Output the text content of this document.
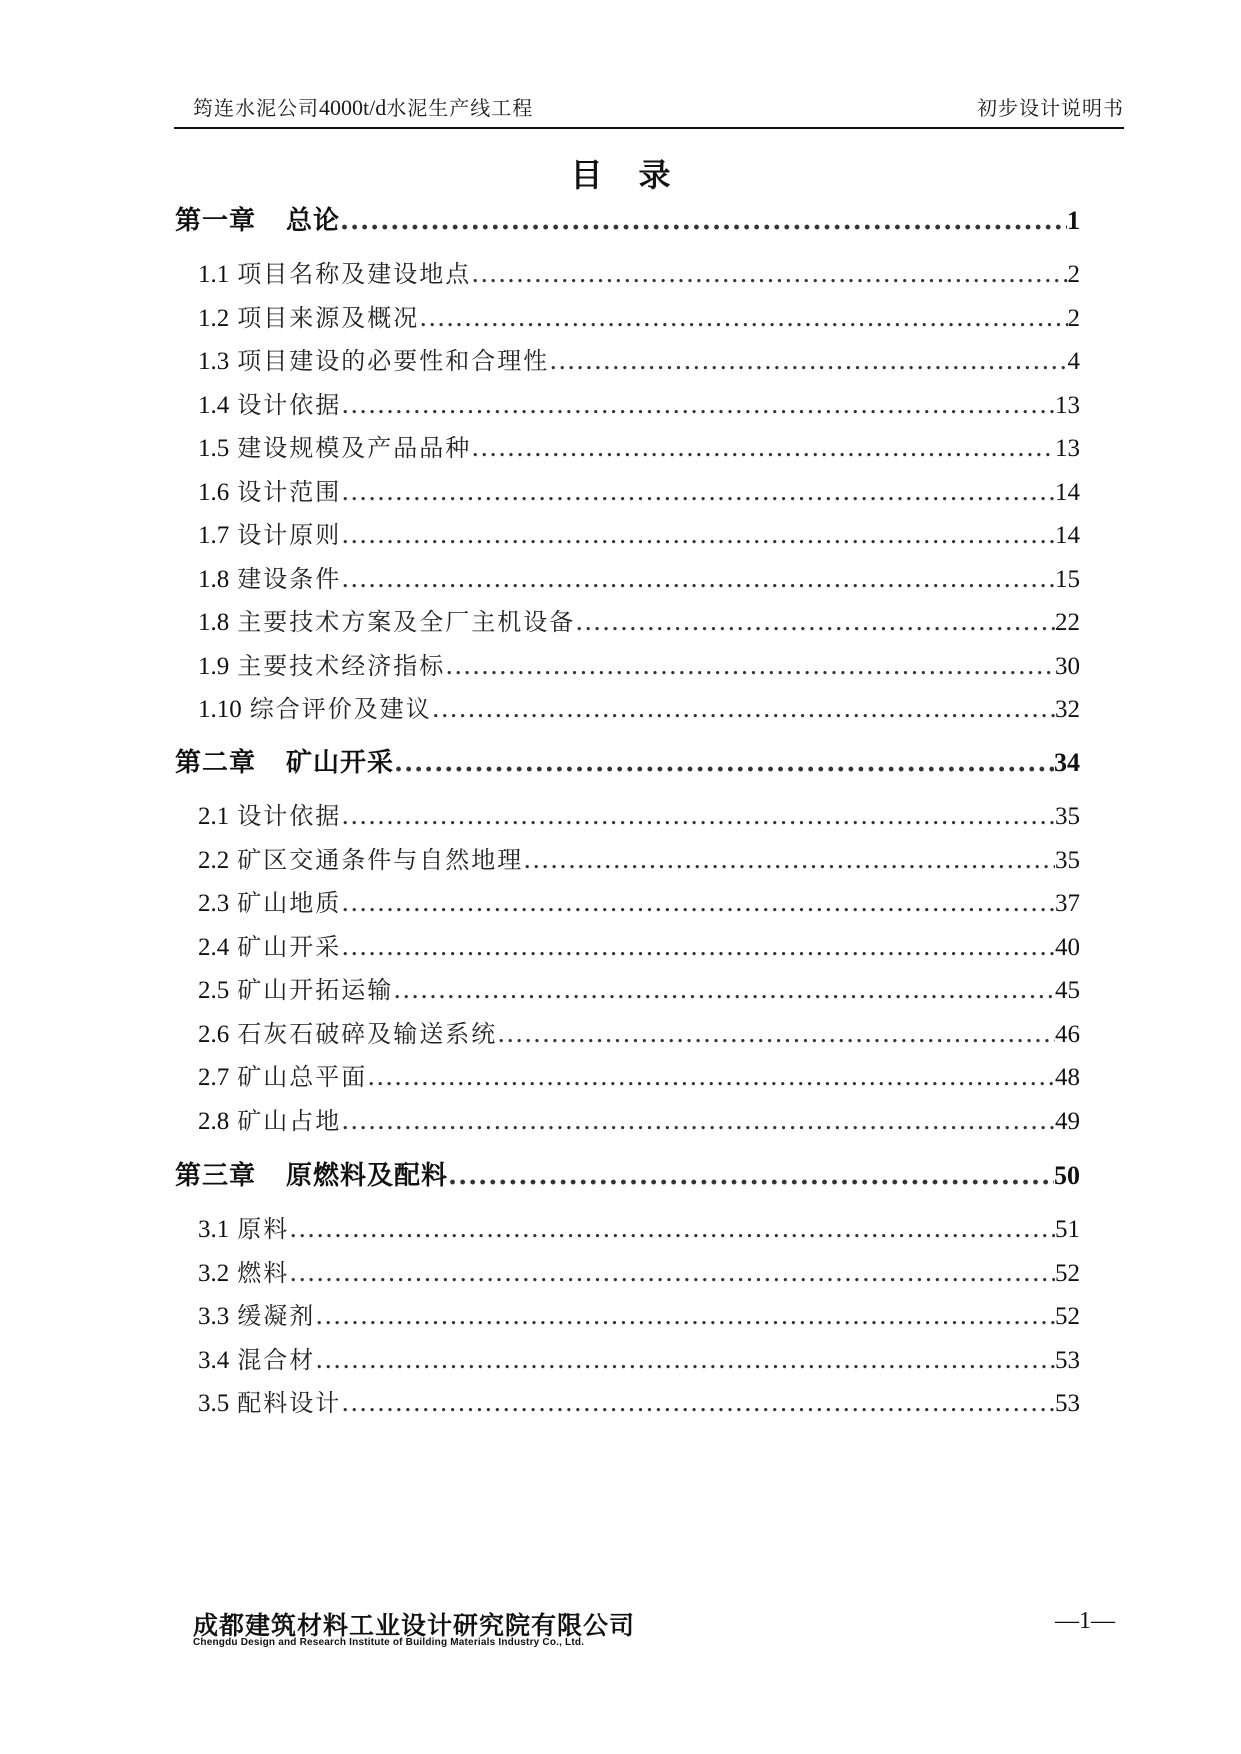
筠连水泥公司4000t/d水泥生产线工程	初步设计说明书
目录
第一章 总论 .....	1
1.1 项目名称及建设地点 .....	2
1.2 项目来源及概况 .....	2
1.3 项目建设的必要性和合理性 .....	4
1.4 设计依据 .....	13
1.5 建设规模及产品品种 .....	13
1.6 设计范围 .....	14
1.7 设计原则 .....	14
1.8 建设条件 .....	15
1.8 主要技术方案及全厂主机设备 .....	22
1.9 主要技术经济指标 .....	30
1.10 综合评价及建议 .....	32
第二章 矿山开采 .....	34
2.1 设计依据 .....	35
2.2 矿区交通条件与自然地理 .....	35
2.3 矿山地质 .....	37
2.4 矿山开采 .....	40
2.5 矿山开拓运输 .....	45
2.6 石灰石破碎及输送系统 .....	46
2.7 矿山总平面 .....	48
2.8 矿山占地 .....	49
第三章 原燃料及配料 .....	50
3.1 原料 .....	51
3.2 燃料 .....	52
3.3 缓凝剂 .....	52
3.4 混合材 .....	53
3.5 配料设计 .....	53
成都建筑材料工业设计研究院有限公司
Chengdu Design and Research Institute of Building Materials Industry Co., Ltd.
—1—
